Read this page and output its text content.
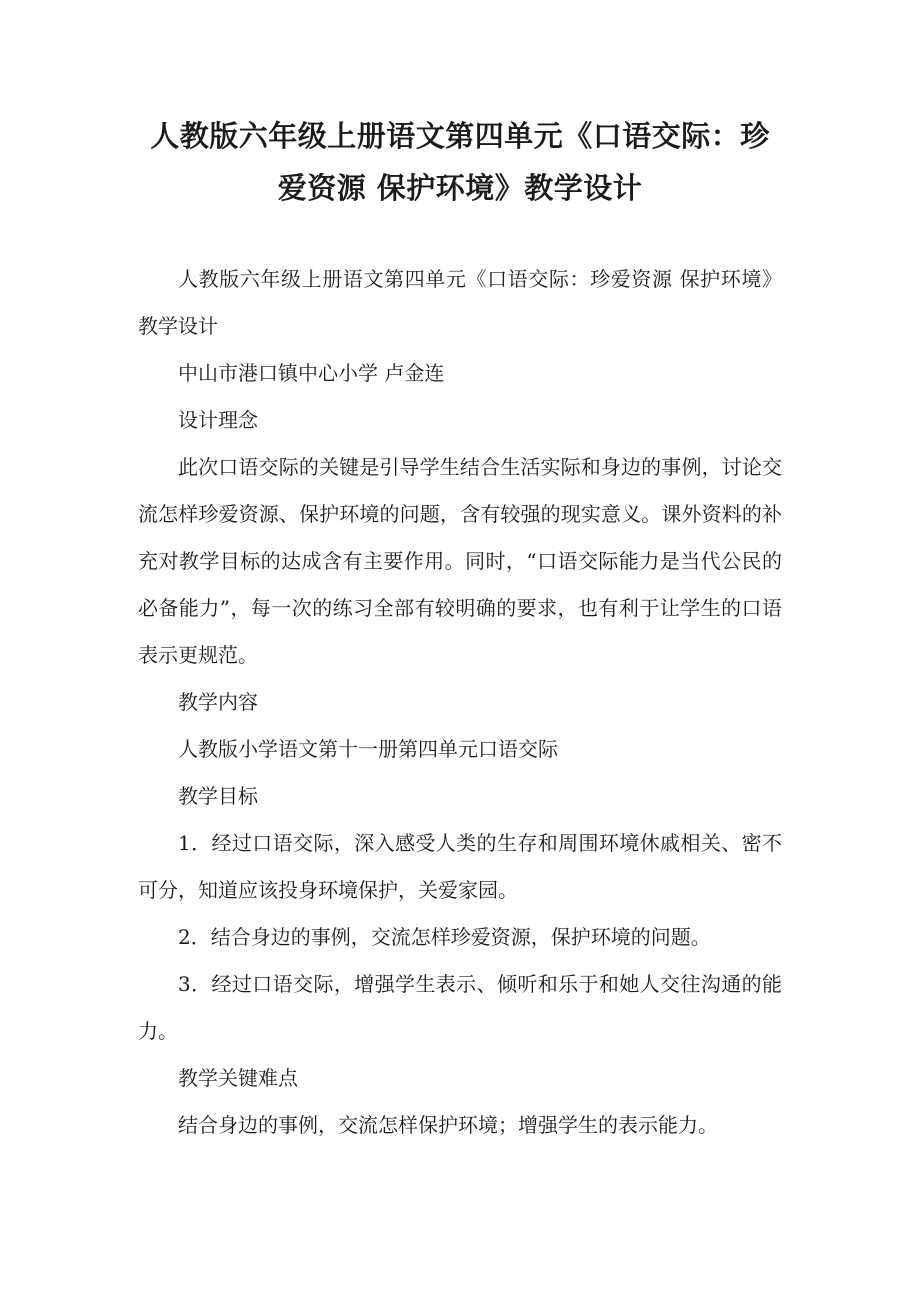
人教版六年级上册语文第四单元《口语交际：珍爱资源 保护环境》教学设计

人教版六年级上册语文第四单元《口语交际：珍爱资源 保护环境》教学设计

中山市港口镇中心小学 卢金连

设计理念

此次口语交际的关键是引导学生结合生活实际和身边的事例，讨论交流怎样珍爱资源、保护环境的问题，含有较强的现实意义。课外资料的补充对教学目标的达成含有主要作用。同时，“口语交际能力是当代公民的必备能力”，每一次的练习全部有较明确的要求，也有利于让学生的口语表示更规范。

教学内容

人教版小学语文第十一册第四单元口语交际

教学目标

1．经过口语交际，深入感受人类的生存和周围环境休戚相关、密不可分，知道应该投身环境保护，关爱家园。

2．结合身边的事例，交流怎样珍爱资源，保护环境的问题。

3．经过口语交际，增强学生表示、倾听和乐于和她人交往沟通的能力。

教学关键难点

结合身边的事例，交流怎样保护环境；增强学生的表示能力。
